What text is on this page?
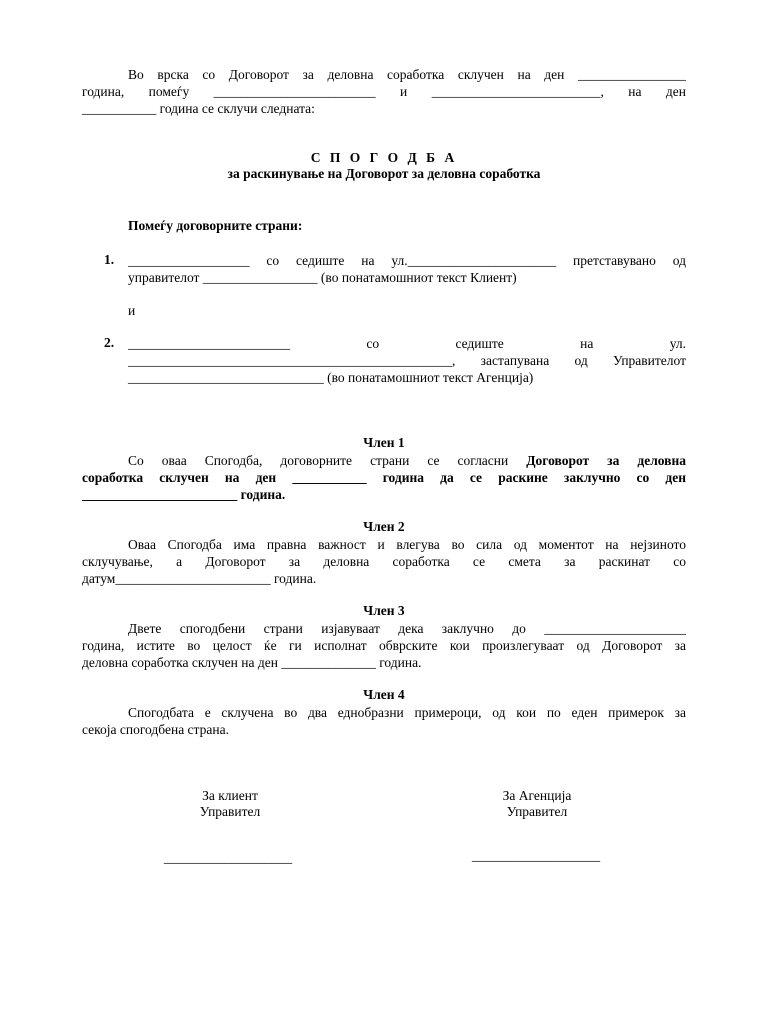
Во врска со Договорот за деловна соработка склучен на ден ________________
година, помеѓу ________________________ и _________________________, на ден
___________ година се склучи следната:
С П О Г О Д Б А
за раскинување на Договорот за деловна соработка
Помеѓу договорните страни:
1. __________________ со седиште на ул.______________________ претставувано од
управителот _________________ (во понатамошниот текст Клиент)
и
2. ________________________ со седиште на ул.
________________________________________________, застапувана од Управителот
_____________________________ (во понатамошниот текст Агенција)
Член 1
Со оваа Спогодба, договорните страни се согласни Договорот за деловна
соработка склучен на ден ___________ година да се раскине заклучно со ден
_______________________ година.
Член 2
Оваа Спогодба има правна важност и влегува во сила од моментот на нејзиното
склучување, а Договорот за деловна соработка се смета за раскинат со
датум_______________________ година.
Член 3
Двете спогодбени страни изјавуваат дека заклучно до _____________________
година, истите во целост ќе ги исполнат обврските кои произлегуваат од Договорот за
деловна соработка склучен на ден ______________ година.
Член 4
Спогодбата е склучена во два еднобразни примероци, од кои по еден примерок за
секоја спогодбена страна.
За клиент
Управител
___________________
За Агенција
Управител
___________________
